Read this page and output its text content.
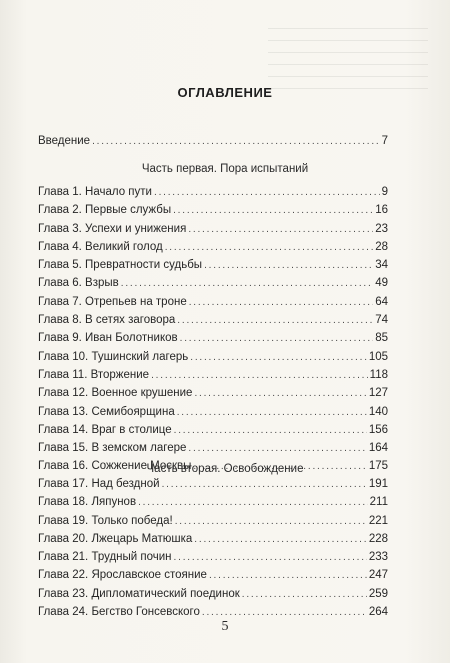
ОГЛАВЛЕНИЕ
Введение .....	7
Часть первая. Пора испытаний
Глава 1. Начало пути .....	9
Глава 2. Первые службы .....	16
Глава 3. Успехи и унижения .....	23
Глава 4. Великий голод .....	28
Глава 5. Превратности судьбы .....	34
Глава 6. Взрыв .....	49
Глава 7. Отрепьев на троне .....	64
Глава 8. В сетях заговора .....	74
Глава 9. Иван Болотников .....	85
Глава 10. Тушинский лагерь .....	105
Глава 11. Вторжение .....	118
Глава 12. Военное крушение .....	127
Глава 13. Семибоярщина .....	140
Глава 14. Враг в столице .....	156
Глава 15. В земском лагере .....	164
Глава 16. Сожжение Москвы .....	175
Часть вторая. Освобождение
Глава 17. Над бездной .....	191
Глава 18. Ляпунов .....	211
Глава 19. Только победа! .....	221
Глава 20. Лжецарь Матюшка .....	228
Глава 21. Трудный почин .....	233
Глава 22. Ярославское стояние .....	247
Глава 23. Дипломатический поединок .....	259
Глава 24. Бегство Гонсевского .....	264
5
